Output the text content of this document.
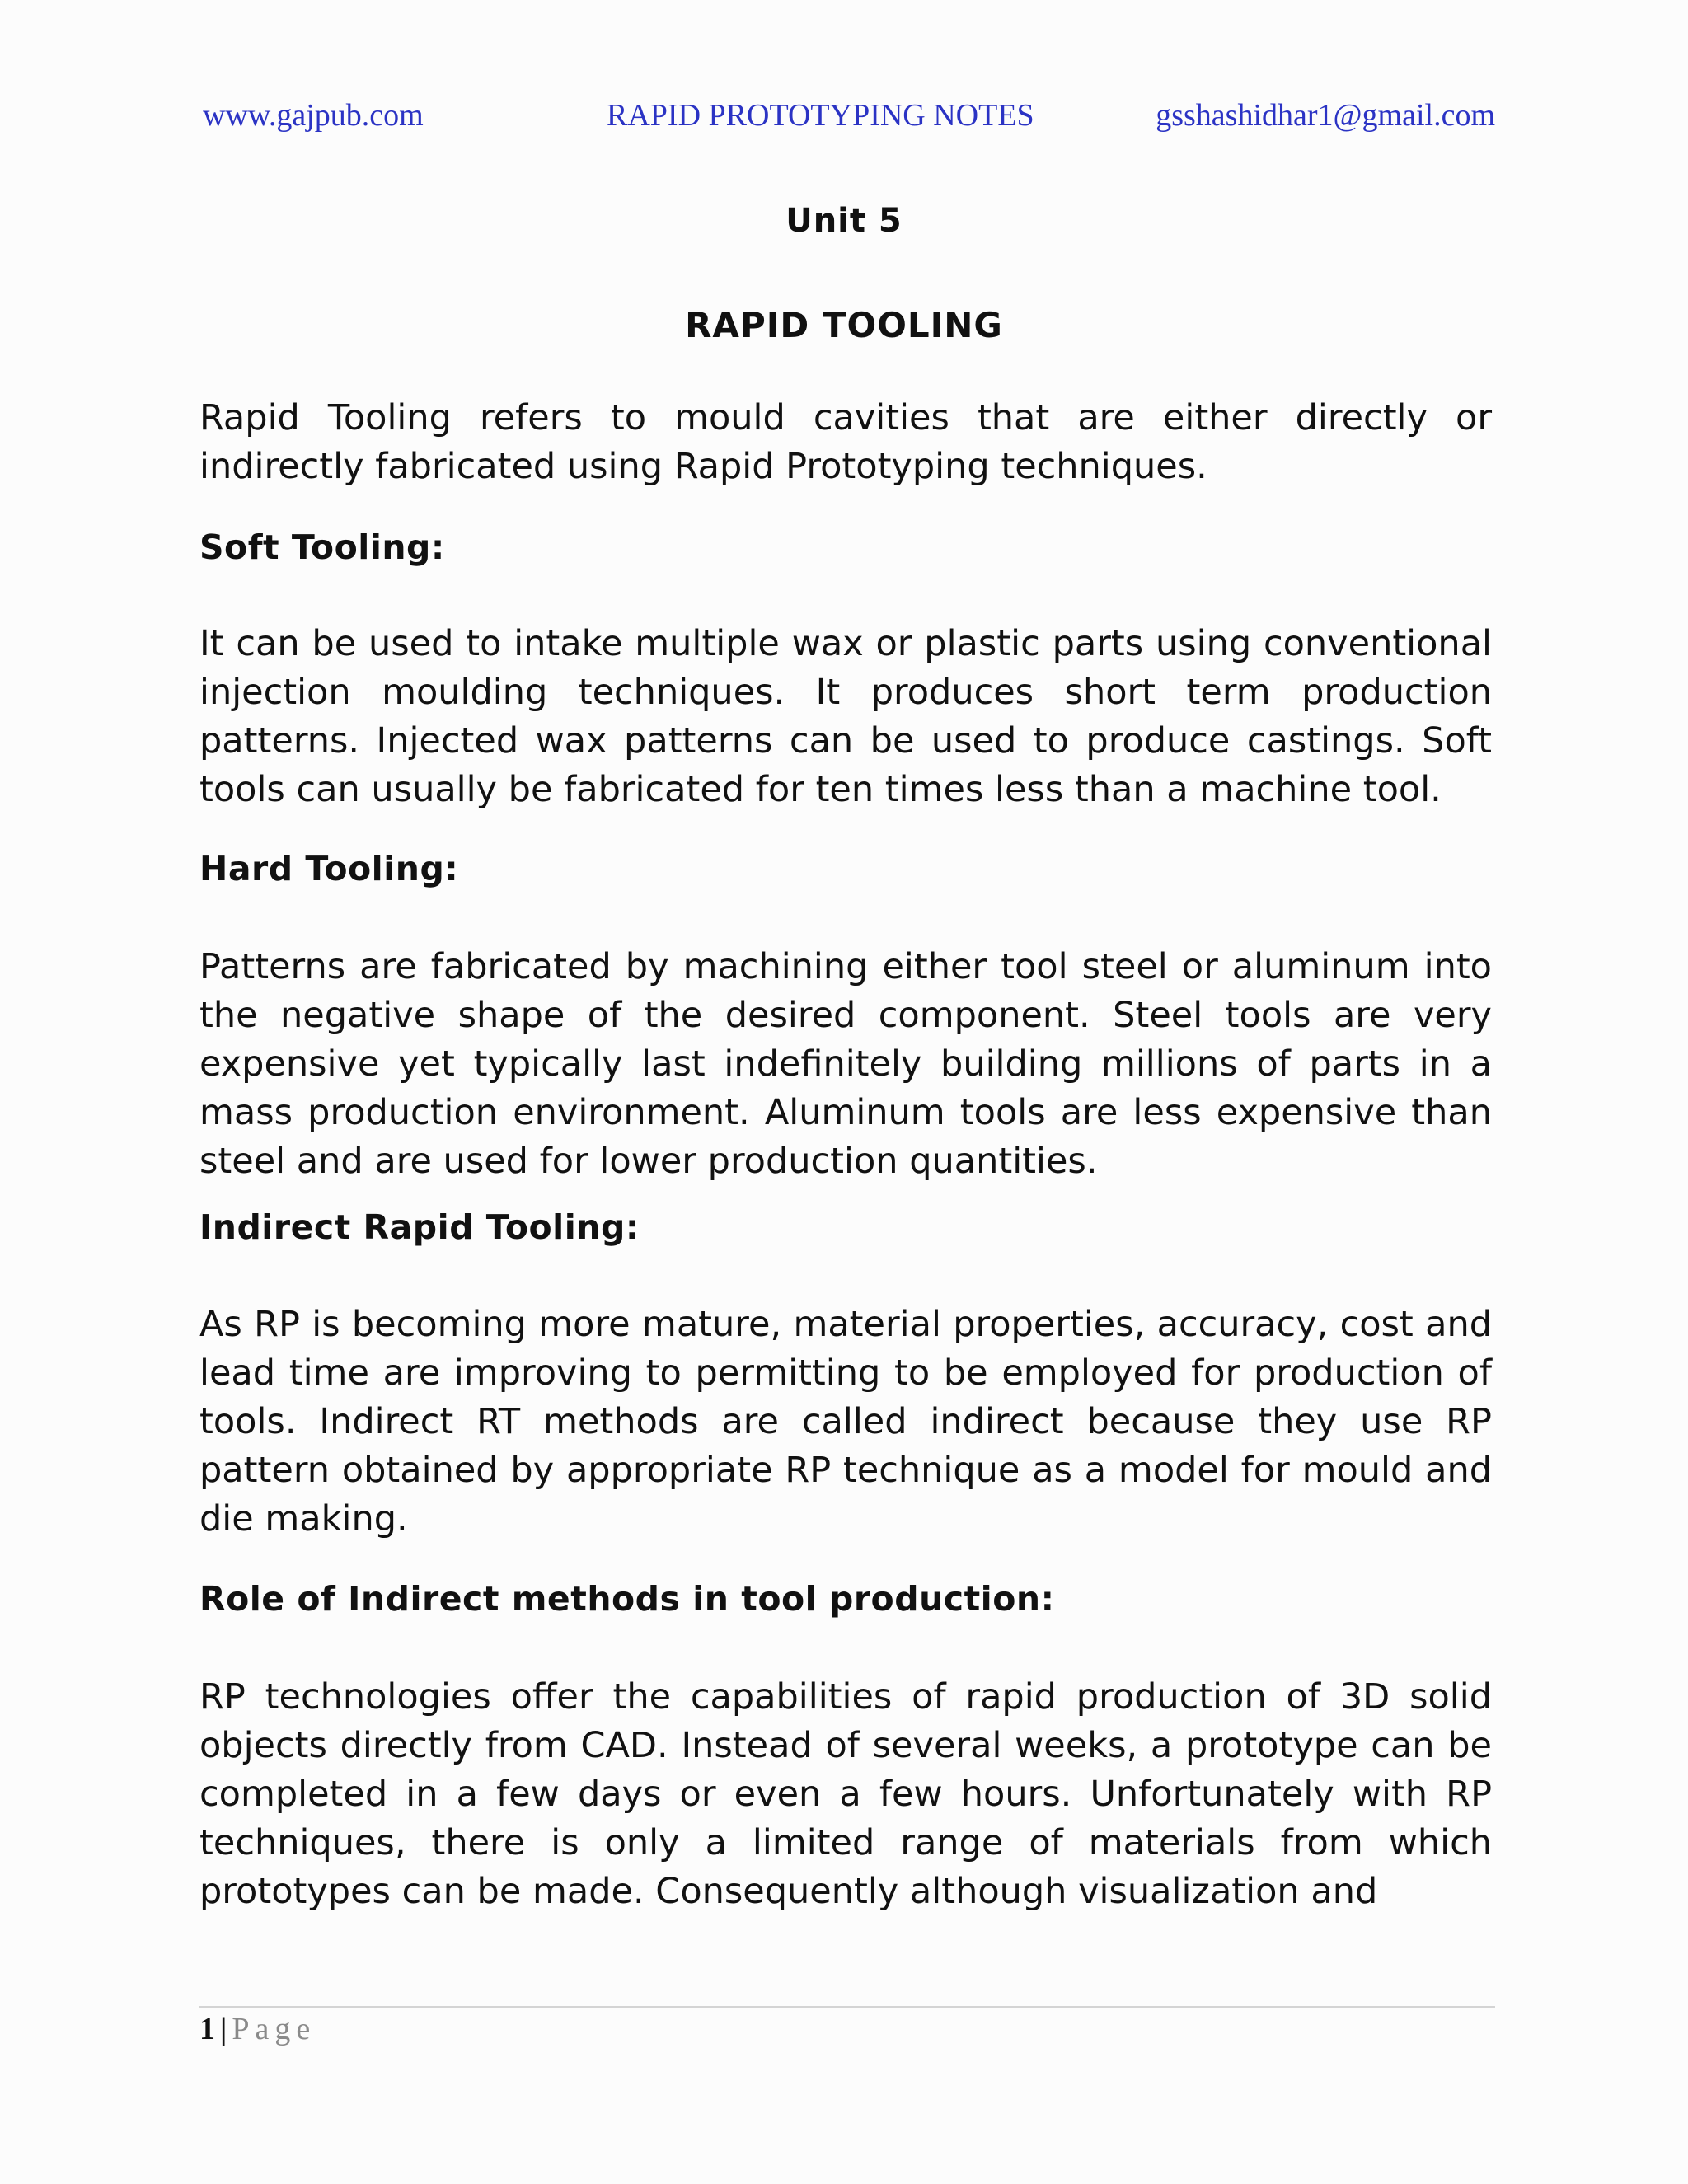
www.gajpub.com	RAPID PROTOTYPING NOTES	gsshashidhar1@gmail.com
Unit 5
RAPID TOOLING

Rapid Tooling refers to mould cavities that are either directly or indirectly fabricated using Rapid Prototyping techniques.

Soft Tooling:

It can be used to intake multiple wax or plastic parts using conventional injection moulding techniques. It produces short term production patterns. Injected wax patterns can be used to produce castings. Soft tools can usually be fabricated for ten times less than a machine tool.

Hard Tooling:

Patterns are fabricated by machining either tool steel or aluminum into the negative shape of the desired component. Steel tools are very expensive yet typically last indefinitely building millions of parts in a mass production environment. Aluminum tools are less expensive than steel and are used for lower production quantities.

Indirect Rapid Tooling:

As RP is becoming more mature, material properties, accuracy, cost and lead time are improving to permitting to be employed for production of tools. Indirect RT methods are called indirect because they use RP pattern obtained by appropriate RP technique as a model for mould and die making.

Role of Indirect methods in tool production:

RP technologies offer the capabilities of rapid production of 3D solid objects directly from CAD. Instead of several weeks, a prototype can be completed in a few days or even a few hours. Unfortunately with RP techniques, there is only a limited range of materials from which prototypes can be made. Consequently although visualization and

1 | Page
